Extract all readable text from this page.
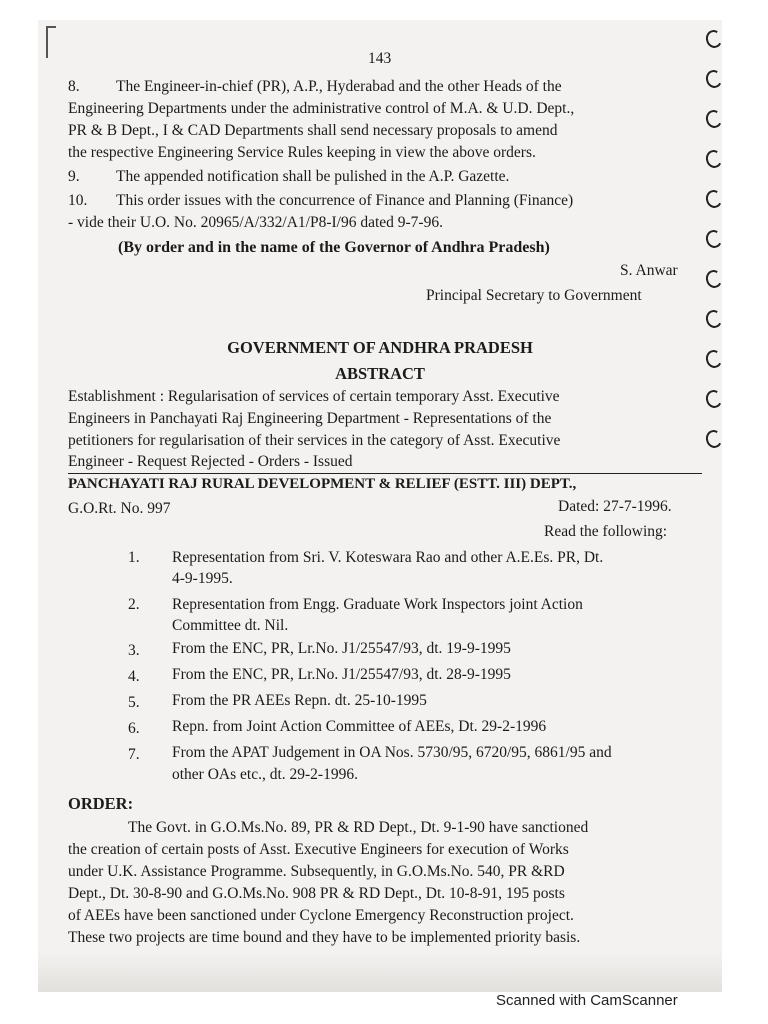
143
8. The Engineer-in-chief (PR), A.P., Hyderabad and the other Heads of the
Engineering Departments under the administrative control of M.A. & U.D. Dept.,
PR & B Dept., I & CAD Departments shall send necessary proposals to amend
the respective Engineering Service Rules keeping in view the above orders.
9. The appended notification shall be pulished in the A.P. Gazette.
10. This order issues with the concurrence of Finance and Planning (Finance)
- vide their U.O. No. 20965/A/332/A1/P8-I/96 dated 9-7-96.
(By order and in the name of the Governor of Andhra Pradesh)
S. Anwar
Principal Secretary to Government
GOVERNMENT OF ANDHRA PRADESH
ABSTRACT
Establishment : Regularisation of services of certain temporary Asst. Executive
Engineers in Panchayati Raj Engineering Department - Representations of the
petitioners for regularisation of their services in the category of Asst. Executive
Engineer - Request Rejected - Orders - Issued
PANCHAYATI RAJ RURAL DEVELOPMENT & RELIEF (ESTT. III) DEPT.,
G.O.Rt. No. 997	Dated: 27-7-1996.
Read the following:
1. Representation from Sri. V. Koteswara Rao and other A.E.Es. PR, Dt.
4-9-1995.
2. Representation from Engg. Graduate Work Inspectors joint Action
Committee dt. Nil.
3. From the ENC, PR, Lr.No. J1/25547/93, dt. 19-9-1995
4. From the ENC, PR, Lr.No. J1/25547/93, dt. 28-9-1995
5. From the PR AEEs Repn. dt. 25-10-1995
6. Repn. from Joint Action Committee of AEEs, Dt. 29-2-1996
7. From the APAT Judgement in OA Nos. 5730/95, 6720/95, 6861/95 and
other OAs etc., dt. 29-2-1996.
ORDER:
The Govt. in G.O.Ms.No. 89, PR & RD Dept., Dt. 9-1-90 have sanctioned
the creation of certain posts of Asst. Executive Engineers for execution of Works
under U.K. Assistance Programme. Subsequently, in G.O.Ms.No. 540, PR &RD
Dept., Dt. 30-8-90 and G.O.Ms.No. 908 PR & RD Dept., Dt. 10-8-91, 195 posts
of AEEs have been sanctioned under Cyclone Emergency Reconstruction project.
These two projects are time bound and they have to be implemented priority basis.
Scanned with CamScanner
